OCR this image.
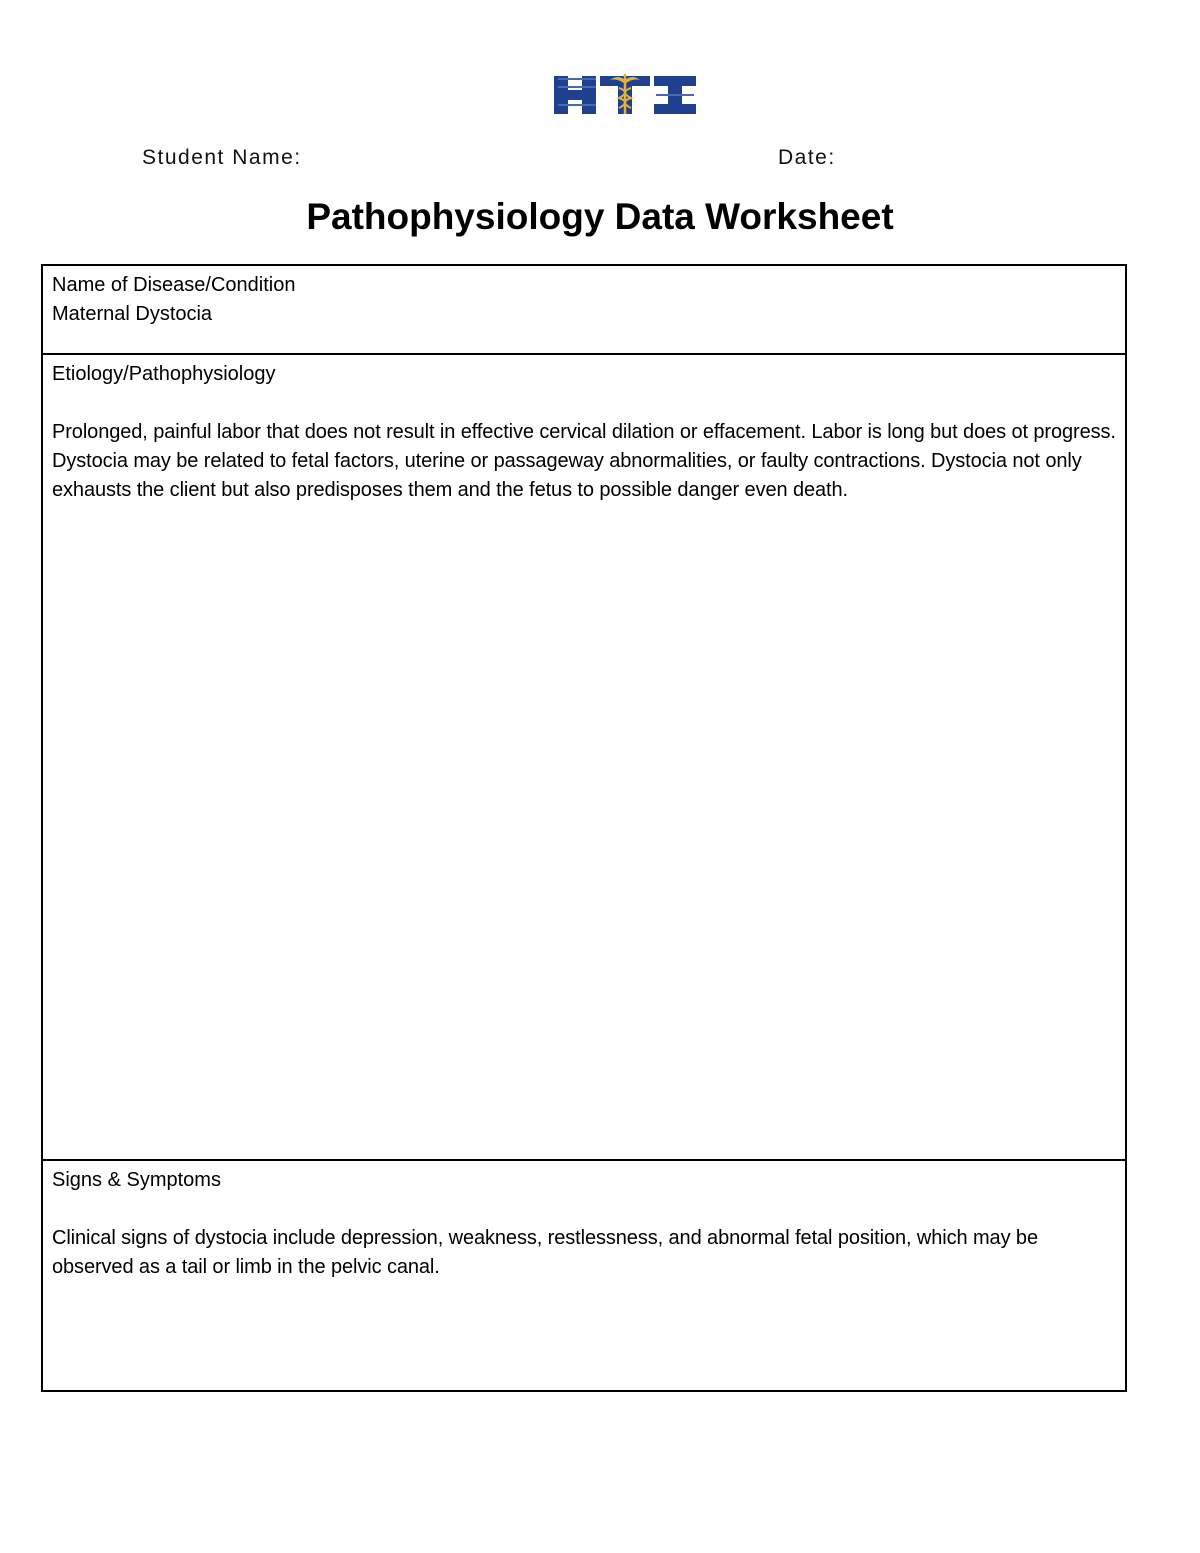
Student Name:	Date:
Pathophysiology Data Worksheet
Name of Disease/Condition
Maternal Dystocia
Etiology/Pathophysiology
Prolonged, painful labor that does not result in effective cervical dilation or effacement. Labor is long but does ot progress. Dystocia may be related to fetal factors, uterine or passageway abnormalities, or faulty contractions. Dystocia not only exhausts the client but also predisposes them and the fetus to possible danger even death.
Signs & Symptoms
Clinical signs of dystocia include depression, weakness, restlessness, and abnormal fetal position, which may be observed as a tail or limb in the pelvic canal.
